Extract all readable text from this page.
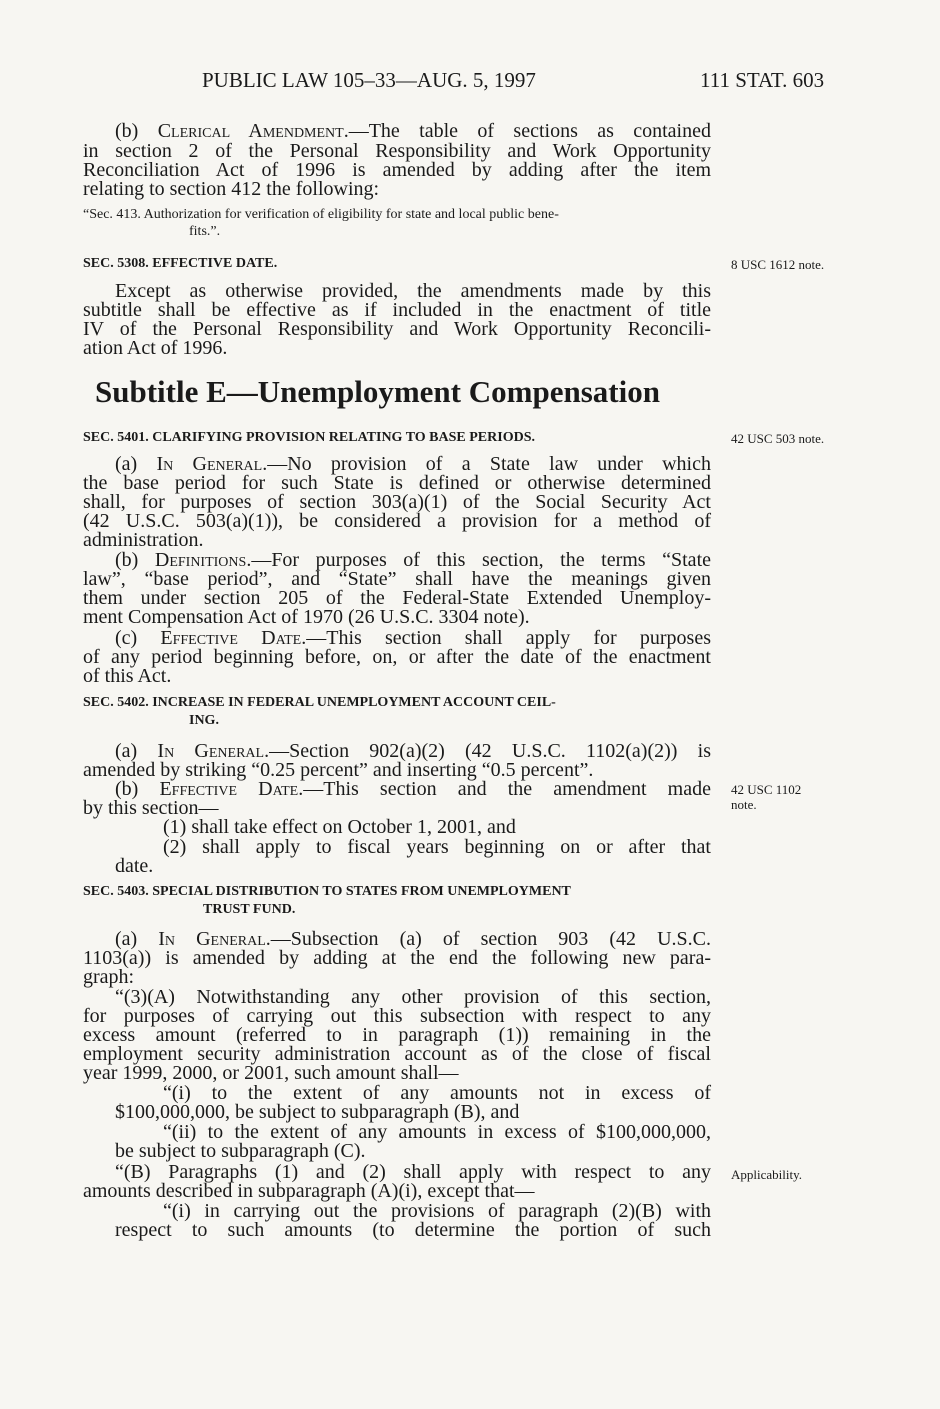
PUBLIC LAW 105–33—AUG. 5, 1997	111 STAT. 603
(b) Clerical Amendment.—The table of sections as contained
in section 2 of the Personal Responsibility and Work Opportunity
Reconciliation Act of 1996 is amended by adding after the item
relating to section 412 the following:
“Sec. 413. Authorization for verification of eligibility for state and local public bene-
fits.”.
SEC. 5308. EFFECTIVE DATE.	8 USC 1612 note.
Except as otherwise provided, the amendments made by this
subtitle shall be effective as if included in the enactment of title
IV of the Personal Responsibility and Work Opportunity Reconcili-
ation Act of 1996.
Subtitle E—Unemployment Compensation
SEC. 5401. CLARIFYING PROVISION RELATING TO BASE PERIODS.	42 USC 503 note.
(a) In General.—No provision of a State law under which
the base period for such State is defined or otherwise determined
shall, for purposes of section 303(a)(1) of the Social Security Act
(42 U.S.C. 503(a)(1)), be considered a provision for a method of
administration.
(b) Definitions.—For purposes of this section, the terms “State
law”, “base period”, and “State” shall have the meanings given
them under section 205 of the Federal-State Extended Unemploy-
ment Compensation Act of 1970 (26 U.S.C. 3304 note).
(c) Effective Date.—This section shall apply for purposes
of any period beginning before, on, or after the date of the enactment
of this Act.
SEC. 5402. INCREASE IN FEDERAL UNEMPLOYMENT ACCOUNT CEIL-
ING.
(a) In General.—Section 902(a)(2) (42 U.S.C. 1102(a)(2)) is
amended by striking “0.25 percent” and inserting “0.5 percent”.
(b) Effective Date.—This section and the amendment made 42 USC 1102
note.
by this section—
(1) shall take effect on October 1, 2001, and
(2) shall apply to fiscal years beginning on or after that
date.
SEC. 5403. SPECIAL DISTRIBUTION TO STATES FROM UNEMPLOYMENT
TRUST FUND.
(a) In General.—Subsection (a) of section 903 (42 U.S.C.
1103(a)) is amended by adding at the end the following new para-
graph:
“(3)(A) Notwithstanding any other provision of this section,
for purposes of carrying out this subsection with respect to any
excess amount (referred to in paragraph (1)) remaining in the
employment security administration account as of the close of fiscal
year 1999, 2000, or 2001, such amount shall—
“(i) to the extent of any amounts not in excess of
$100,000,000, be subject to subparagraph (B), and
“(ii) to the extent of any amounts in excess of $100,000,000,
be subject to subparagraph (C).
“(B) Paragraphs (1) and (2) shall apply with respect to any Applicability.
amounts described in subparagraph (A)(i), except that—
“(i) in carrying out the provisions of paragraph (2)(B) with
respect to such amounts (to determine the portion of such
